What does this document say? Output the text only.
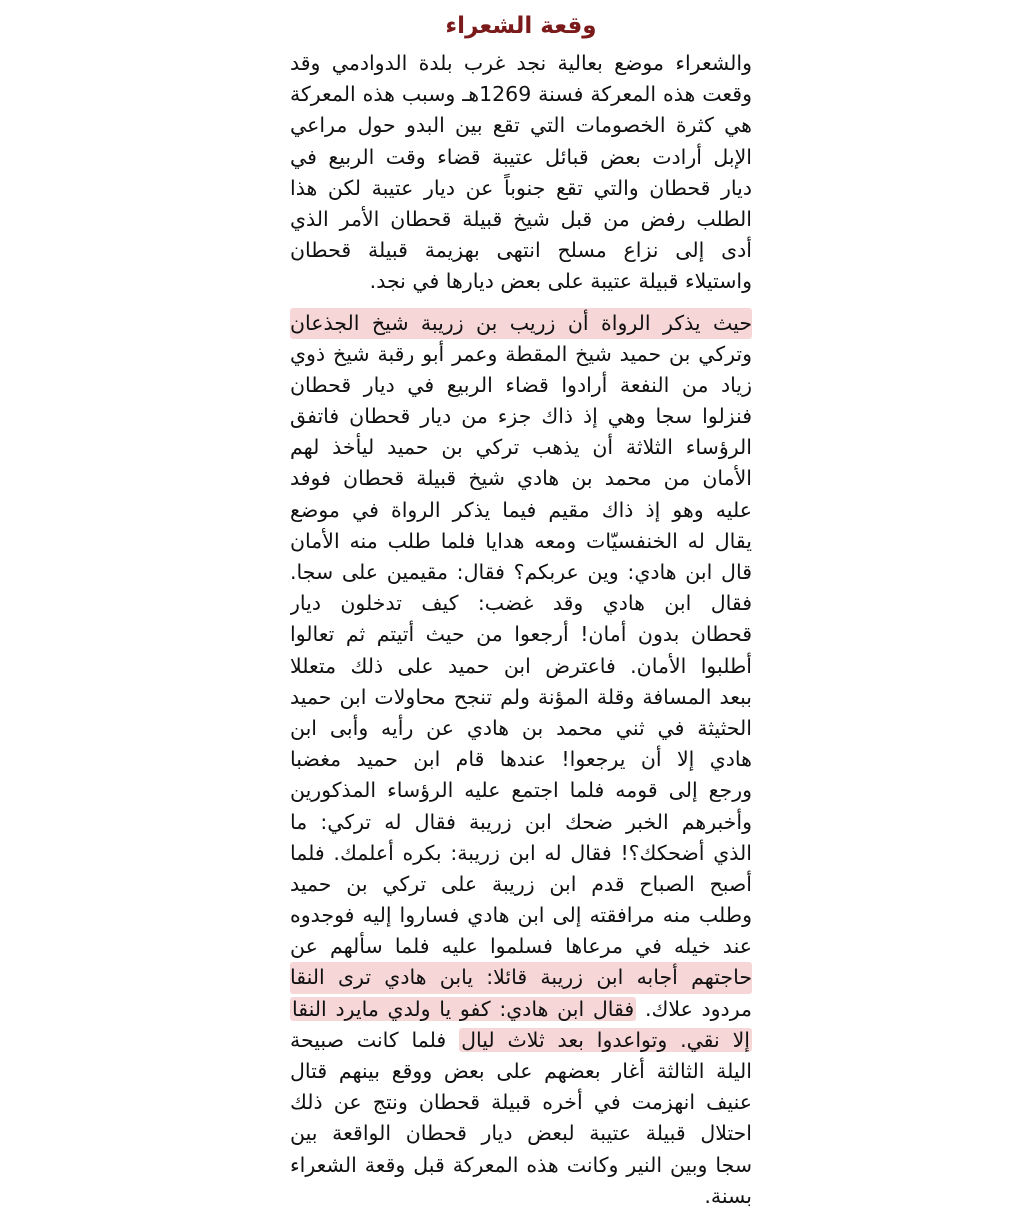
وقعة الشعراء
والشعراء موضع بعالية نجد غرب بلدة الدوادمي وقد
وقعت هذه المعركة فسنة 1269هـ وسبب هذه المعركة
هي كثرة الخصومات التي تقع بين البدو حول مراعي
الإبل أرادت بعض قبائل عتيبة قضاء وقت الربيع في
ديار قحطان والتي تقع جنوباً عن ديار عتيبة لكن هذا
الطلب رفض من قبل شيخ قبيلة قحطان الأمر الذي
أدى إلى نزاع مسلح انتهى بهزيمة قبيلة قحطان
واستيلاء قبيلة عتيبة على بعض ديارها في نجد.
حيث يذكر الرواة أن زريب بن زريبة شيخ الجذعان
وتركي بن حميد شيخ المقطة وعمر أبو رقبة شيخ ذوي
زياد من النفعة أرادوا قضاء الربيع في ديار قحطان
فنزلوا سجا وهي إذ ذاك جزء من ديار قحطان فاتفق
الرؤساء الثلاثة أن يذهب تركي بن حميد ليأخذ لهم
الأمان من محمد بن هادي شيخ قبيلة قحطان فوفد
عليه وهو إذ ذاك مقيم فيما يذكر الرواة في موضع
يقال له الخنفسيّات ومعه هدايا فلما طلب منه الأمان
قال ابن هادي: وين عربكم؟ فقال: مقيمين على سجا.
فقال ابن هادي وقد غضب: كيف تدخلون ديار
قحطان بدون أمان! أرجعوا من حيث أتيتم ثم تعالوا
أطلبوا الأمان. فاعترض ابن حميد على ذلك متعللا
ببعد المسافة وقلة المؤنة ولم تنجح محاولات ابن حميد
الحثيثة في ثني محمد بن هادي عن رأيه وأبى ابن
هادي إلا أن يرجعوا! عندها قام ابن حميد مغضبا
ورجع إلى قومه فلما اجتمع عليه الرؤساء المذكورين
وأخبرهم الخبر ضحك ابن زريبة فقال له تركي: ما
الذي أضحكك؟! فقال له ابن زريبة: بكره أعلمك. فلما
أصبح الصباح قدم ابن زريبة على تركي بن حميد
وطلب منه مرافقته إلى ابن هادي فساروا إليه فوجدوه
عند خيله في مرعاها فسلموا عليه فلما سألهم عن
حاجتهم أجابه ابن زريبة قائلا: يابن هادي ترى النقا
مردود علاك. فقال ابن هادي: كفو يا ولدي مايرد النقا
إلا نقي. وتواعدوا بعد ثلاث ليال فلما كانت صبيحة
اليلة الثالثة أغار بعضهم على بعض ووقع بينهم قتال
عنيف انهزمت في أخره قبيلة قحطان ونتج عن ذلك
احتلال قبيلة عتيبة لبعض ديار قحطان الواقعة بين
سجا وبين النير وكانت هذه المعركة قبل وقعة الشعراء
بسنة.
